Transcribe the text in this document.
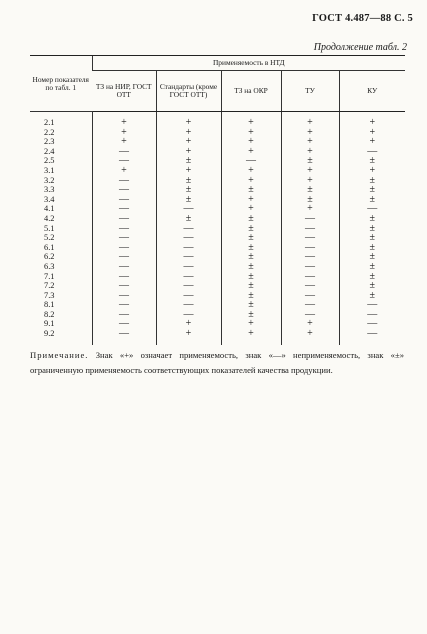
ГОСТ 4.487—88 С. 5
Продолжение табл. 2
Номер показателя по табл. 1	Применяемость в НТД				
	ТЗ на НИР, ГОСТ ОТТ	Стандарты (кроме ГОСТ ОТТ)	ТЗ на ОКР	ТУ	КУ
2.1	+	+	+	+	+
2.2	+	+	+	+	+
2.3	+	+	+	+	+
2.4	—	+	+	+	—
2.5	—	±	—	±	±
3.1	+	+	+	+	+
3.2	—	±	+	+	±
3.3	—	±	±	±	±
3.4	—	±	+	±	±
4.1	—	—	+	+	—
4.2	—	±	±	—	±
5.1	—	—	±	—	±
5.2	—	—	±	—	±
6.1	—	—	±	—	±
6.2	—	—	±	—	±
6.3	—	—	±	—	±
7.1	—	—	±	—	±
7.2	—	—	±	—	±
7.3	—	—	±	—	±
8.1	—	—	±	—	—
8.2	—	—	±	—	—
9.1	—	+	+	+	—
9.2	—	+	+	+	—
Примечание. Знак «+» означает применяемость, знак «—» неприменяемость, знак «±» ограниченную применяемость соответствующих показателей качества продукции.
